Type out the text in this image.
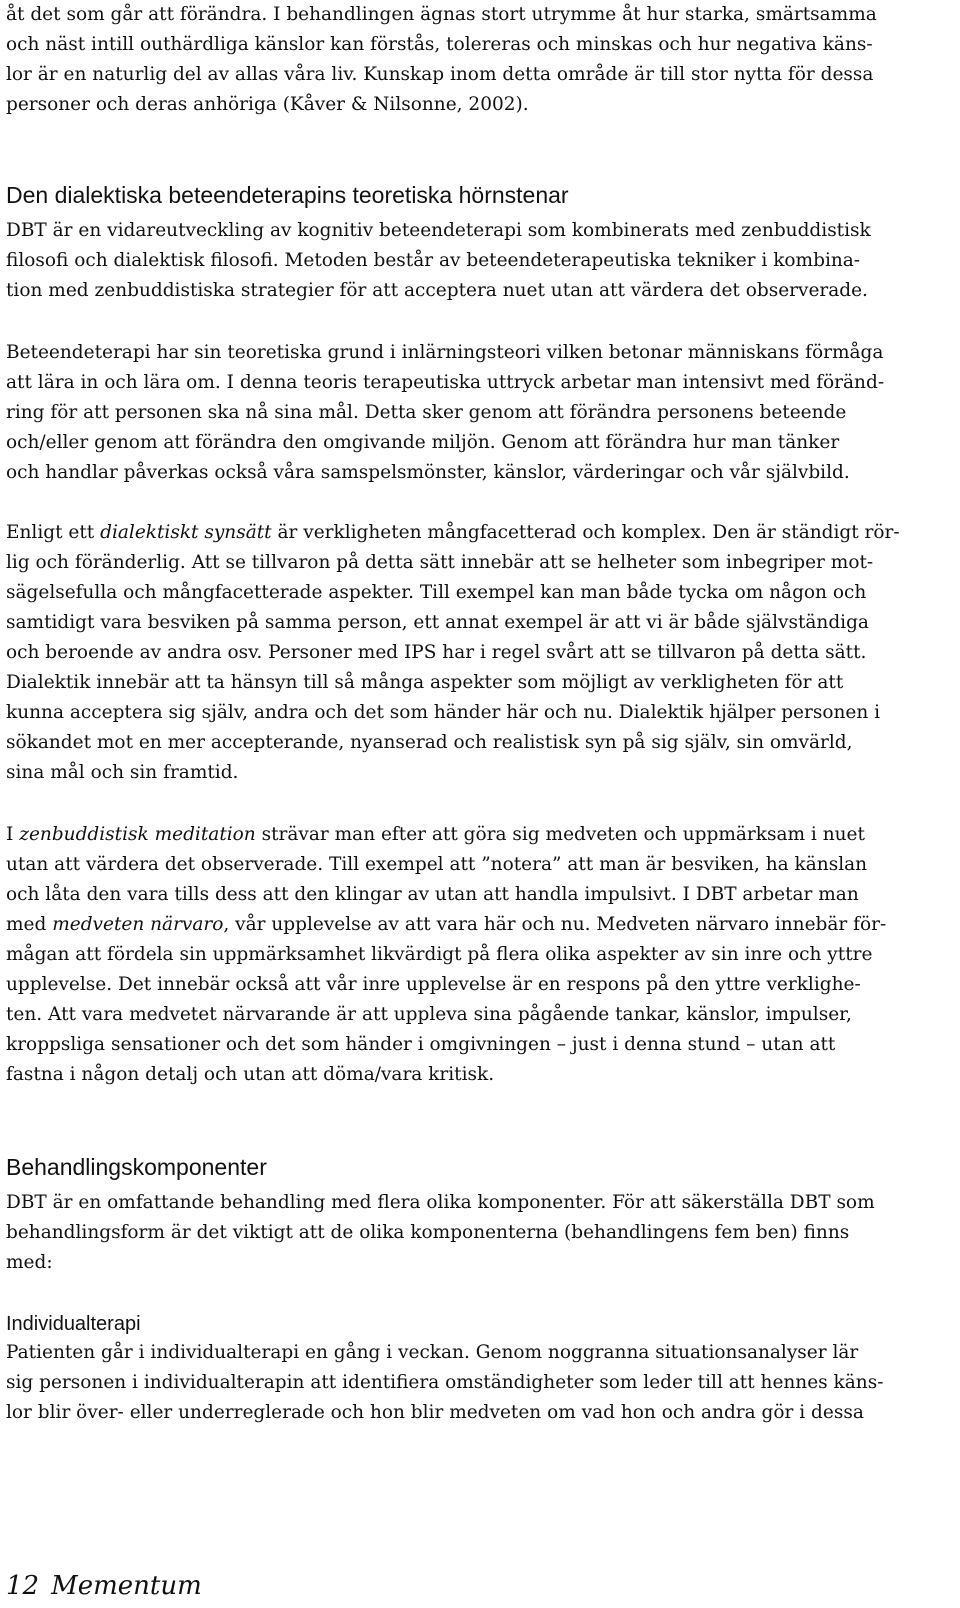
åt det som går att förändra. I behandlingen ägnas stort utrymme åt hur starka, smärtsamma
och näst intill outhärdliga känslor kan förstås, tolereras och minskas och hur negativa käns-
lor är en naturlig del av allas våra liv. Kunskap inom detta område är till stor nytta för dessa
personer och deras anhöriga (Kåver & Nilsonne, 2002).
Den dialektiska beteendeterapins teoretiska hörnstenar
DBT är en vidareutveckling av kognitiv beteendeterapi som kombinerats med zenbuddistisk
filosofi och dialektisk filosofi. Metoden består av beteendeterapeutiska tekniker i kombina-
tion med zenbuddistiska strategier för att acceptera nuet utan att värdera det observerade.
Beteendeterapi har sin teoretiska grund i inlärningsteori vilken betonar människans förmåga
att lära in och lära om. I denna teoris terapeutiska uttryck arbetar man intensivt med föränd-
ring för att personen ska nå sina mål. Detta sker genom att förändra personens beteende
och/eller genom att förändra den omgivande miljön. Genom att förändra hur man tänker
och handlar påverkas också våra samspelsmönster, känslor, värderingar och vår självbild.
Enligt ett dialektiskt synsätt är verkligheten mångfacetterad och komplex. Den är ständigt rör-
lig och föränderlig. Att se tillvaron på detta sätt innebär att se helheter som inbegriper mot-
sägelsefulla och mångfacetterade aspekter. Till exempel kan man både tycka om någon och
samtidigt vara besviken på samma person, ett annat exempel är att vi är både självständiga
och beroende av andra osv. Personer med IPS har i regel svårt att se tillvaron på detta sätt.
Dialektik innebär att ta hänsyn till så många aspekter som möjligt av verkligheten för att
kunna acceptera sig själv, andra och det som händer här och nu. Dialektik hjälper personen i
sökandet mot en mer accepterande, nyanserad och realistisk syn på sig själv, sin omvärld,
sina mål och sin framtid.
I zenbuddistisk meditation strävar man efter att göra sig medveten och uppmärksam i nuet
utan att värdera det observerade. Till exempel att ”notera” att man är besviken, ha känslan
och låta den vara tills dess att den klingar av utan att handla impulsivt. I DBT arbetar man
med medveten närvaro, vår upplevelse av att vara här och nu. Medveten närvaro innebär för-
mågan att fördela sin uppmärksamhet likvärdigt på flera olika aspekter av sin inre och yttre
upplevelse. Det innebär också att vår inre upplevelse är en respons på den yttre verklighe-
ten. Att vara medvetet närvarande är att uppleva sina pågående tankar, känslor, impulser,
kroppsliga sensationer och det som händer i omgivningen – just i denna stund – utan att
fastna i någon detalj och utan att döma/vara kritisk.
Behandlingskomponenter
DBT är en omfattande behandling med flera olika komponenter. För att säkerställa DBT som
behandlingsform är det viktigt att de olika komponenterna (behandlingens fem ben) finns
med:
Individualterapi
Patienten går i individualterapi en gång i veckan. Genom noggranna situationsanalyser lär
sig personen i individualterapin att identifiera omständigheter som leder till att hennes käns-
lor blir över- eller underreglerade och hon blir medveten om vad hon och andra gör i dessa
12 Mementum
